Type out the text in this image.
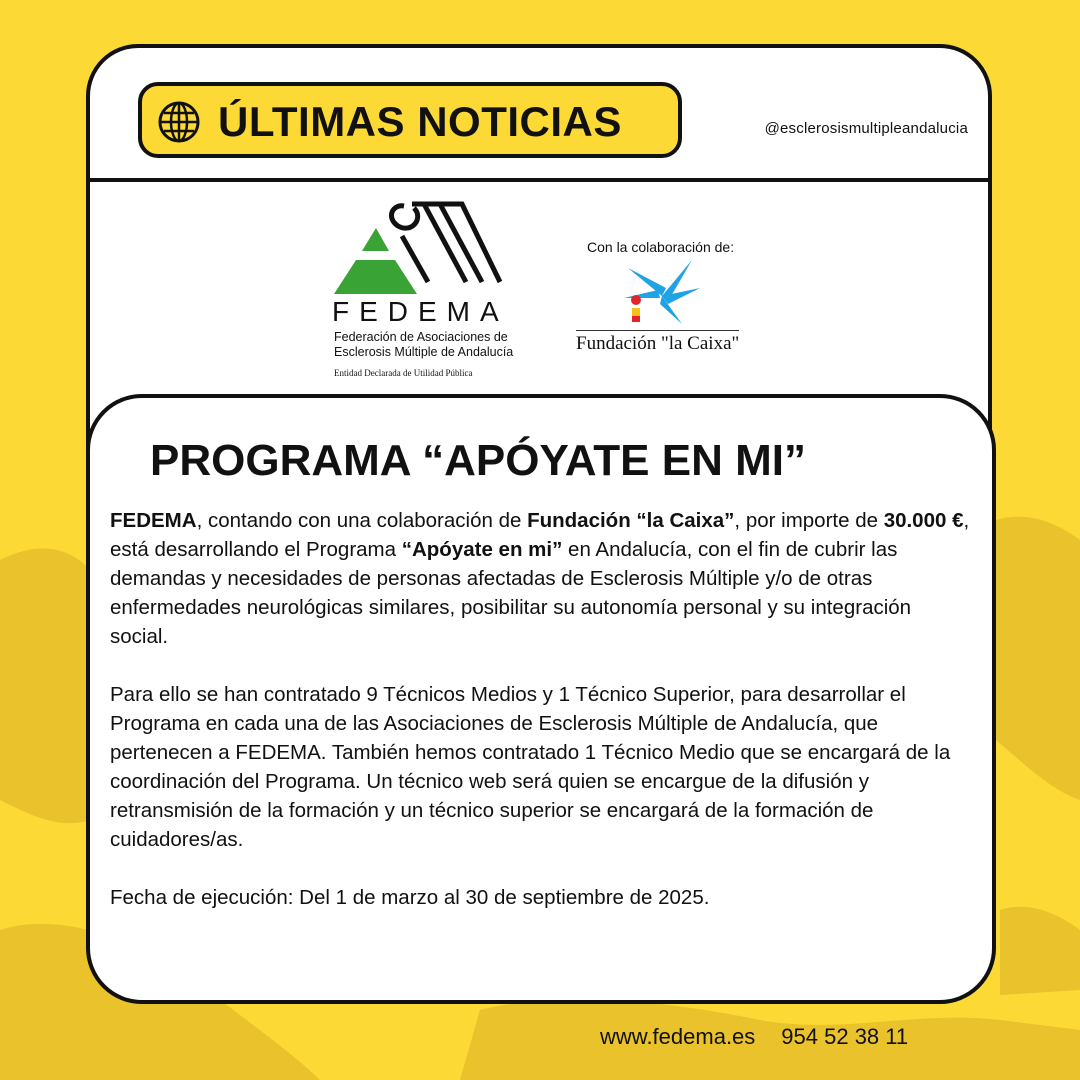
ÚLTIMAS NOTICIAS	@esclerosismultipleandalucia
FEDEMA
Federación de Asociaciones de
Esclerosis Múltiple de Andalucía
Entidad Declarada de Utilidad Pública
Con la colaboración de:
Fundación "la Caixa"
PROGRAMA “APÓYATE EN MI”

FEDEMA, contando con una colaboración de Fundación “la Caixa”, por importe de 30.000 €, está desarrollando el Programa “Apóyate en mi” en Andalucía, con el fin de cubrir las demandas y necesidades de personas afectadas de Esclerosis Múltiple y/o de otras enfermedades neurológicas similares, posibilitar su autonomía personal y su integración social.

Para ello se han contratado 9 Técnicos Medios y 1 Técnico Superior, para desarrollar el Programa en cada una de las Asociaciones de Esclerosis Múltiple de Andalucía, que pertenecen a FEDEMA. También hemos contratado 1 Técnico Medio que se encargará de la coordinación del Programa. Un técnico web será quien se encargue de la difusión y retransmisión de la formación y un técnico superior se encargará de la formación de cuidadores/as.

Fecha de ejecución: Del 1 de marzo al 30 de septiembre de 2025.

www.fedema.es 954 52 38 11
